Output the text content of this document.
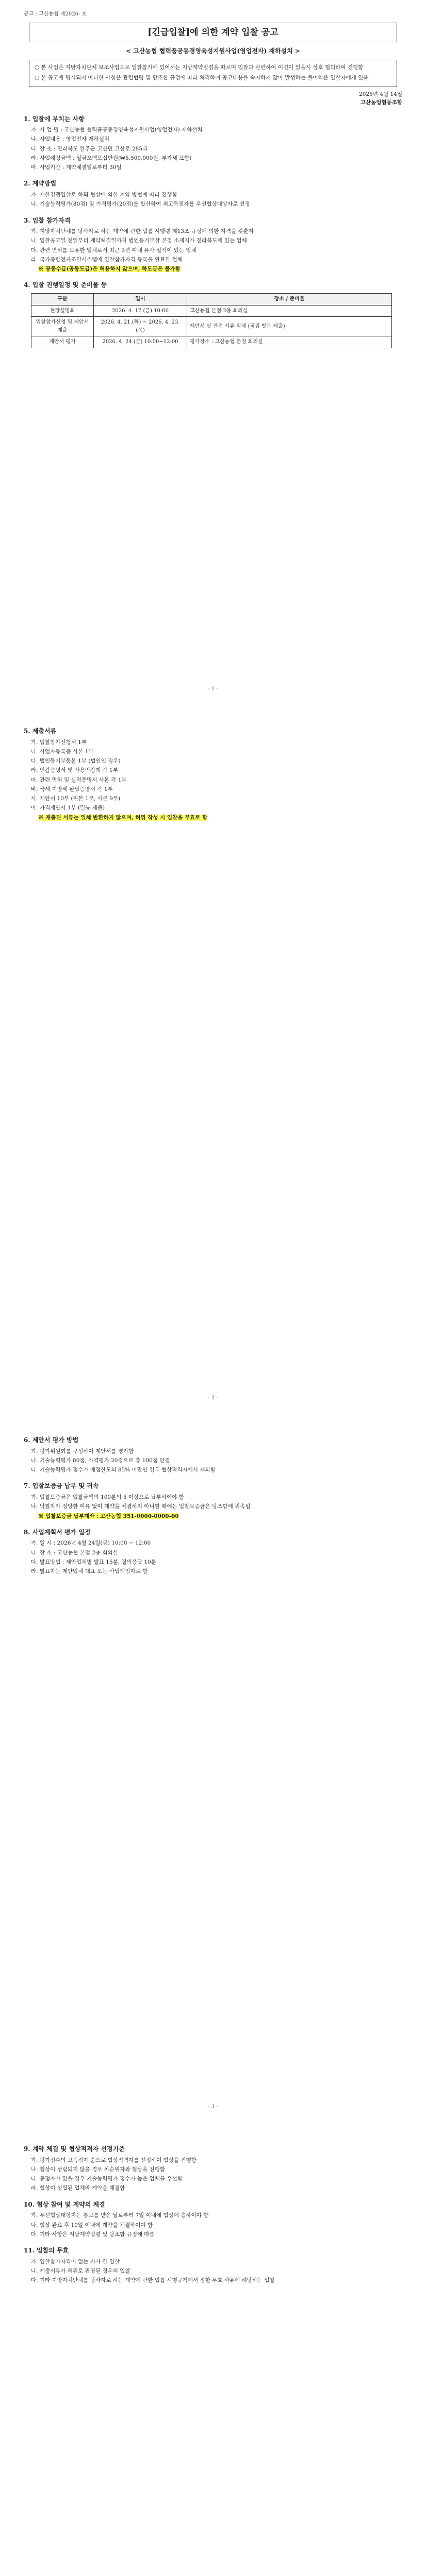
공고 : 고산농협 제2026- 호
[긴급입찰]에 의한 계약 입찰 공고
< 고산농협 협력품공동경영육성지원사업(영업전자) 재하설치 >

○ 본 사업은 지방자치단체 보조사업으로 입찰참가에 있어서는 지방계약법령을 따르며 입찰과 관련하여 이견이 없을시 상호 협의하여 진행함

○ 본 공고에 명시되지 아니한 사항은 관련법령 및 당조합 규정에 따라 처리하며 공고내용을 숙지하지 않아 발생하는 불이익은 입찰자에게 있음

2026년 4월 14일
고산농업협동조합
1. 입찰에 부치는 사항

가. 사 업 명 : 고산농협 협력품공동경영육성지원사업(영업전자) 재하설치

나. 사업내용 : 영업전자 재하설치

다. 장 소 : 전라북도 완주군 고산면 고산로 285-5

라. 사업예정금액 : 일금오백오십만원(₩5,500,000원, 부가세 포함)

마. 사업기간 : 계약체결일로부터 30일

2. 계약방법

가. 제한경쟁입찰로 하되 협상에 의한 계약 방법에 따라 진행함

나. 기술능력평가(80점) 및 가격평가(20점)를 합산하여 최고득점자를 우선협상대상자로 선정

3. 입찰 참가자격

가. 지방자치단체를 당사자로 하는 계약에 관한 법률 시행령 제13조 규정에 의한 자격을 갖춘자

나. 입찰공고일 전일부터 계약체결일까지 법인등기부상 본점 소재지가 전라북도에 있는 업체

다. 관련 면허를 보유한 업체로서 최근 3년 이내 유사 실적이 있는 업체

라. 국가종합전자조달시스템에 입찰참가자격 등록을 완료한 업체

※ 공동수급(공동도급)은 허용하지 않으며, 하도급은 불가함

4. 입찰 진행일정 및 준비물 등
구분	일시	장소 / 준비물
현장설명회	2026. 4. 17.(금) 10:00	고산농협 본점 2층 회의실
입찰참가신청 및 제안서 제출	2026. 4. 21.(화) ~ 2026. 4. 23.(목)	제안서 및 관련 서류 일체 (직접 방문 제출)
제안서 평가	2026. 4. 24.(금) 10:00~12:00	평가장소 : 고산농협 본점 회의실
- 1 -
5. 제출서류

가. 입찰참가신청서 1부

나. 사업자등록증 사본 1부

다. 법인등기부등본 1부 (법인인 경우)

라. 인감증명서 및 사용인감계 각 1부

마. 관련 면허 및 실적증명서 사본 각 1부

바. 국세·지방세 완납증명서 각 1부

사. 제안서 10부 (원본 1부, 사본 9부)

아. 가격제안서 1부 (밀봉 제출)

※ 제출된 서류는 일체 반환하지 않으며, 허위 작성 시 입찰을 무효로 함

- 2 -
6. 제안서 평가 방법

가. 평가위원회를 구성하여 제안서를 평가함

나. 기술능력평가 80점, 가격평가 20점으로 총 100점 만점

다. 기술능력평가 점수가 배점한도의 85% 미만인 경우 협상적격자에서 제외함

7. 입찰보증금 납부 및 귀속

가. 입찰보증금은 입찰금액의 100분의 5 이상으로 납부하여야 함

나. 낙찰자가 정당한 이유 없이 계약을 체결하지 아니할 때에는 입찰보증금은 당조합에 귀속됨

※ 입찰보증금 납부계좌 : 고산농협 351-0000-0000-00

8. 사업계획서 평가 일정

가. 일 시 : 2026년 4월 24일(금) 10:00 ~ 12:00

나. 장 소 : 고산농협 본점 2층 회의실

다. 발표방법 : 제안업체별 발표 15분, 질의응답 10분

라. 발표자는 제안업체 대표 또는 사업책임자로 함

- 3 -
9. 계약 체결 및 협상적격자 선정기준

가. 평가점수의 고득점자 순으로 협상적격자를 선정하여 협상을 진행함

나. 협상이 성립되지 않을 경우 차순위자와 협상을 진행함

다. 동점자가 있을 경우 기술능력평가 점수가 높은 업체를 우선함

라. 협상이 성립된 업체와 계약을 체결함

10. 협상 참여 및 계약의 체결

가. 우선협상대상자는 통보를 받은 날로부터 7일 이내에 협상에 응하여야 함

나. 협상 완료 후 10일 이내에 계약을 체결하여야 함

다. 기타 사항은 지방계약법령 및 당조합 규정에 따름

11. 입찰의 무효

가. 입찰참가자격이 없는 자가 한 입찰

나. 제출서류가 허위로 판명된 경우의 입찰

다. 기타 지방자치단체를 당사자로 하는 계약에 관한 법률 시행규칙에서 정한 무효 사유에 해당하는 입찰
